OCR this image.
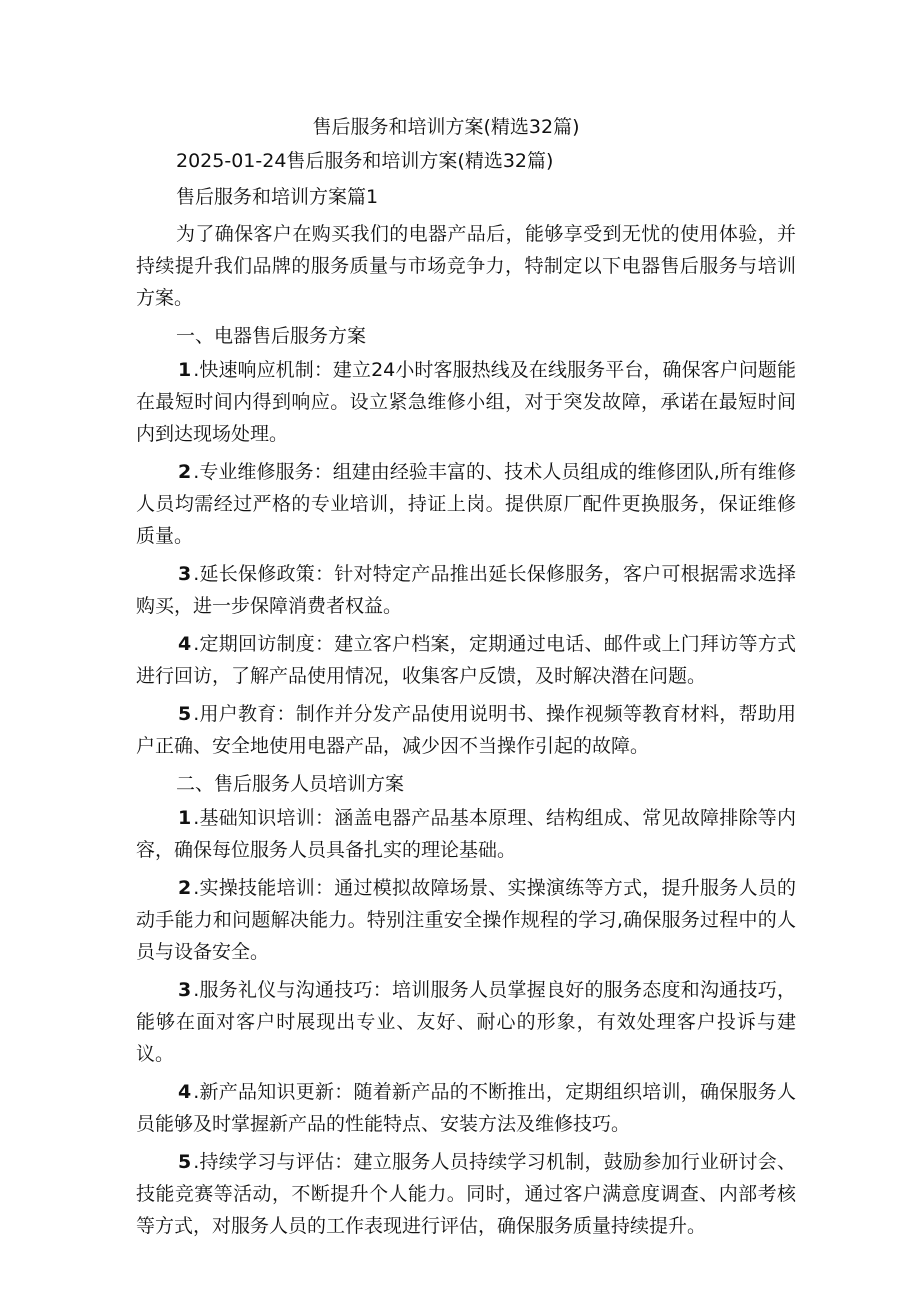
售后服务和培训方案(精选32篇)
2025-01-24售后服务和培训方案(精选32篇)
售后服务和培训方案篇1

为了确保客户在购买我们的电器产品后，能够享受到无忧的使用体验，并持续提升我们品牌的服务质量与市场竞争力，特制定以下电器售后服务与培训方案。

一、电器售后服务方案

1 .快速响应机制：建立24小时客服热线及在线服务平台，确保客户问题能在最短时间内得到响应。设立紧急维修小组，对于突发故障，承诺在最短时间内到达现场处理。

2 .专业维修服务：组建由经验丰富的、技术人员组成的维修团队,所有维修人员均需经过严格的专业培训，持证上岗。提供原厂配件更换服务，保证维修质量。

3 .延长保修政策：针对特定产品推出延长保修服务，客户可根据需求选择购买，进一步保障消费者权益。

4 .定期回访制度：建立客户档案，定期通过电话、邮件或上门拜访等方式进行回访，了解产品使用情况，收集客户反馈，及时解决潜在问题。

5 .用户教育：制作并分发产品使用说明书、操作视频等教育材料，帮助用户正确、安全地使用电器产品，减少因不当操作引起的故障。

二、售后服务人员培训方案

1 .基础知识培训：涵盖电器产品基本原理、结构组成、常见故障排除等内容，确保每位服务人员具备扎实的理论基础。

2 .实操技能培训：通过模拟故障场景、实操演练等方式，提升服务人员的动手能力和问题解决能力。特别注重安全操作规程的学习,确保服务过程中的人员与设备安全。

3 .服务礼仪与沟通技巧：培训服务人员掌握良好的服务态度和沟通技巧，能够在面对客户时展现出专业、友好、耐心的形象，有效处理客户投诉与建议。

4 .新产品知识更新：随着新产品的不断推出，定期组织培训，确保服务人员能够及时掌握新产品的性能特点、安装方法及维修技巧。

5 .持续学习与评估：建立服务人员持续学习机制，鼓励参加行业研讨会、技能竞赛等活动，不断提升个人能力。同时，通过客户满意度调查、内部考核等方式，对服务人员的工作表现进行评估，确保服务质量持续提升。
